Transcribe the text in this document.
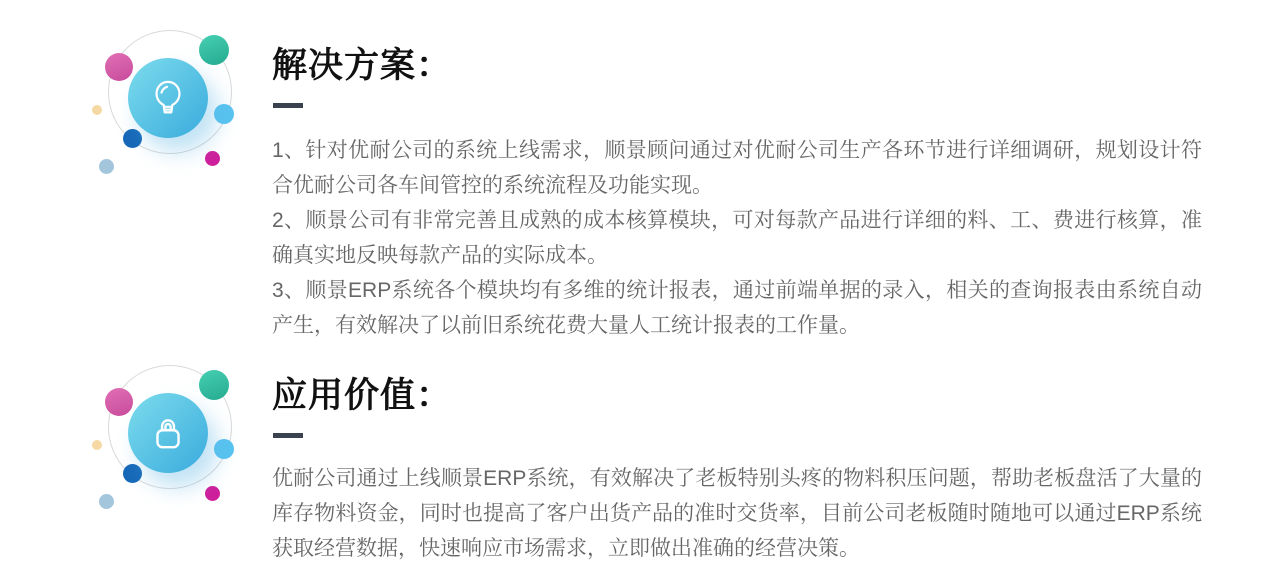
解决方案：

1、针对优耐公司的系统上线需求，顺景顾问通过对优耐公司生产各环节进行详细调研，规划设计符合优耐公司各车间管控的系统流程及功能实现。

2、顺景公司有非常完善且成熟的成本核算模块，可对每款产品进行详细的料、工、费进行核算，准确真实地反映每款产品的实际成本。

3、顺景ERP系统各个模块均有多维的统计报表，通过前端单据的录入，相关的查询报表由系统自动产生，有效解决了以前旧系统花费大量人工统计报表的工作量。

应用价值：

优耐公司通过上线顺景ERP系统，有效解决了老板特别头疼的物料积压问题，帮助老板盘活了大量的库存物料资金，同时也提高了客户出货产品的准时交货率，目前公司老板随时随地可以通过ERP系统获取经营数据，快速响应市场需求，立即做出准确的经营决策。
